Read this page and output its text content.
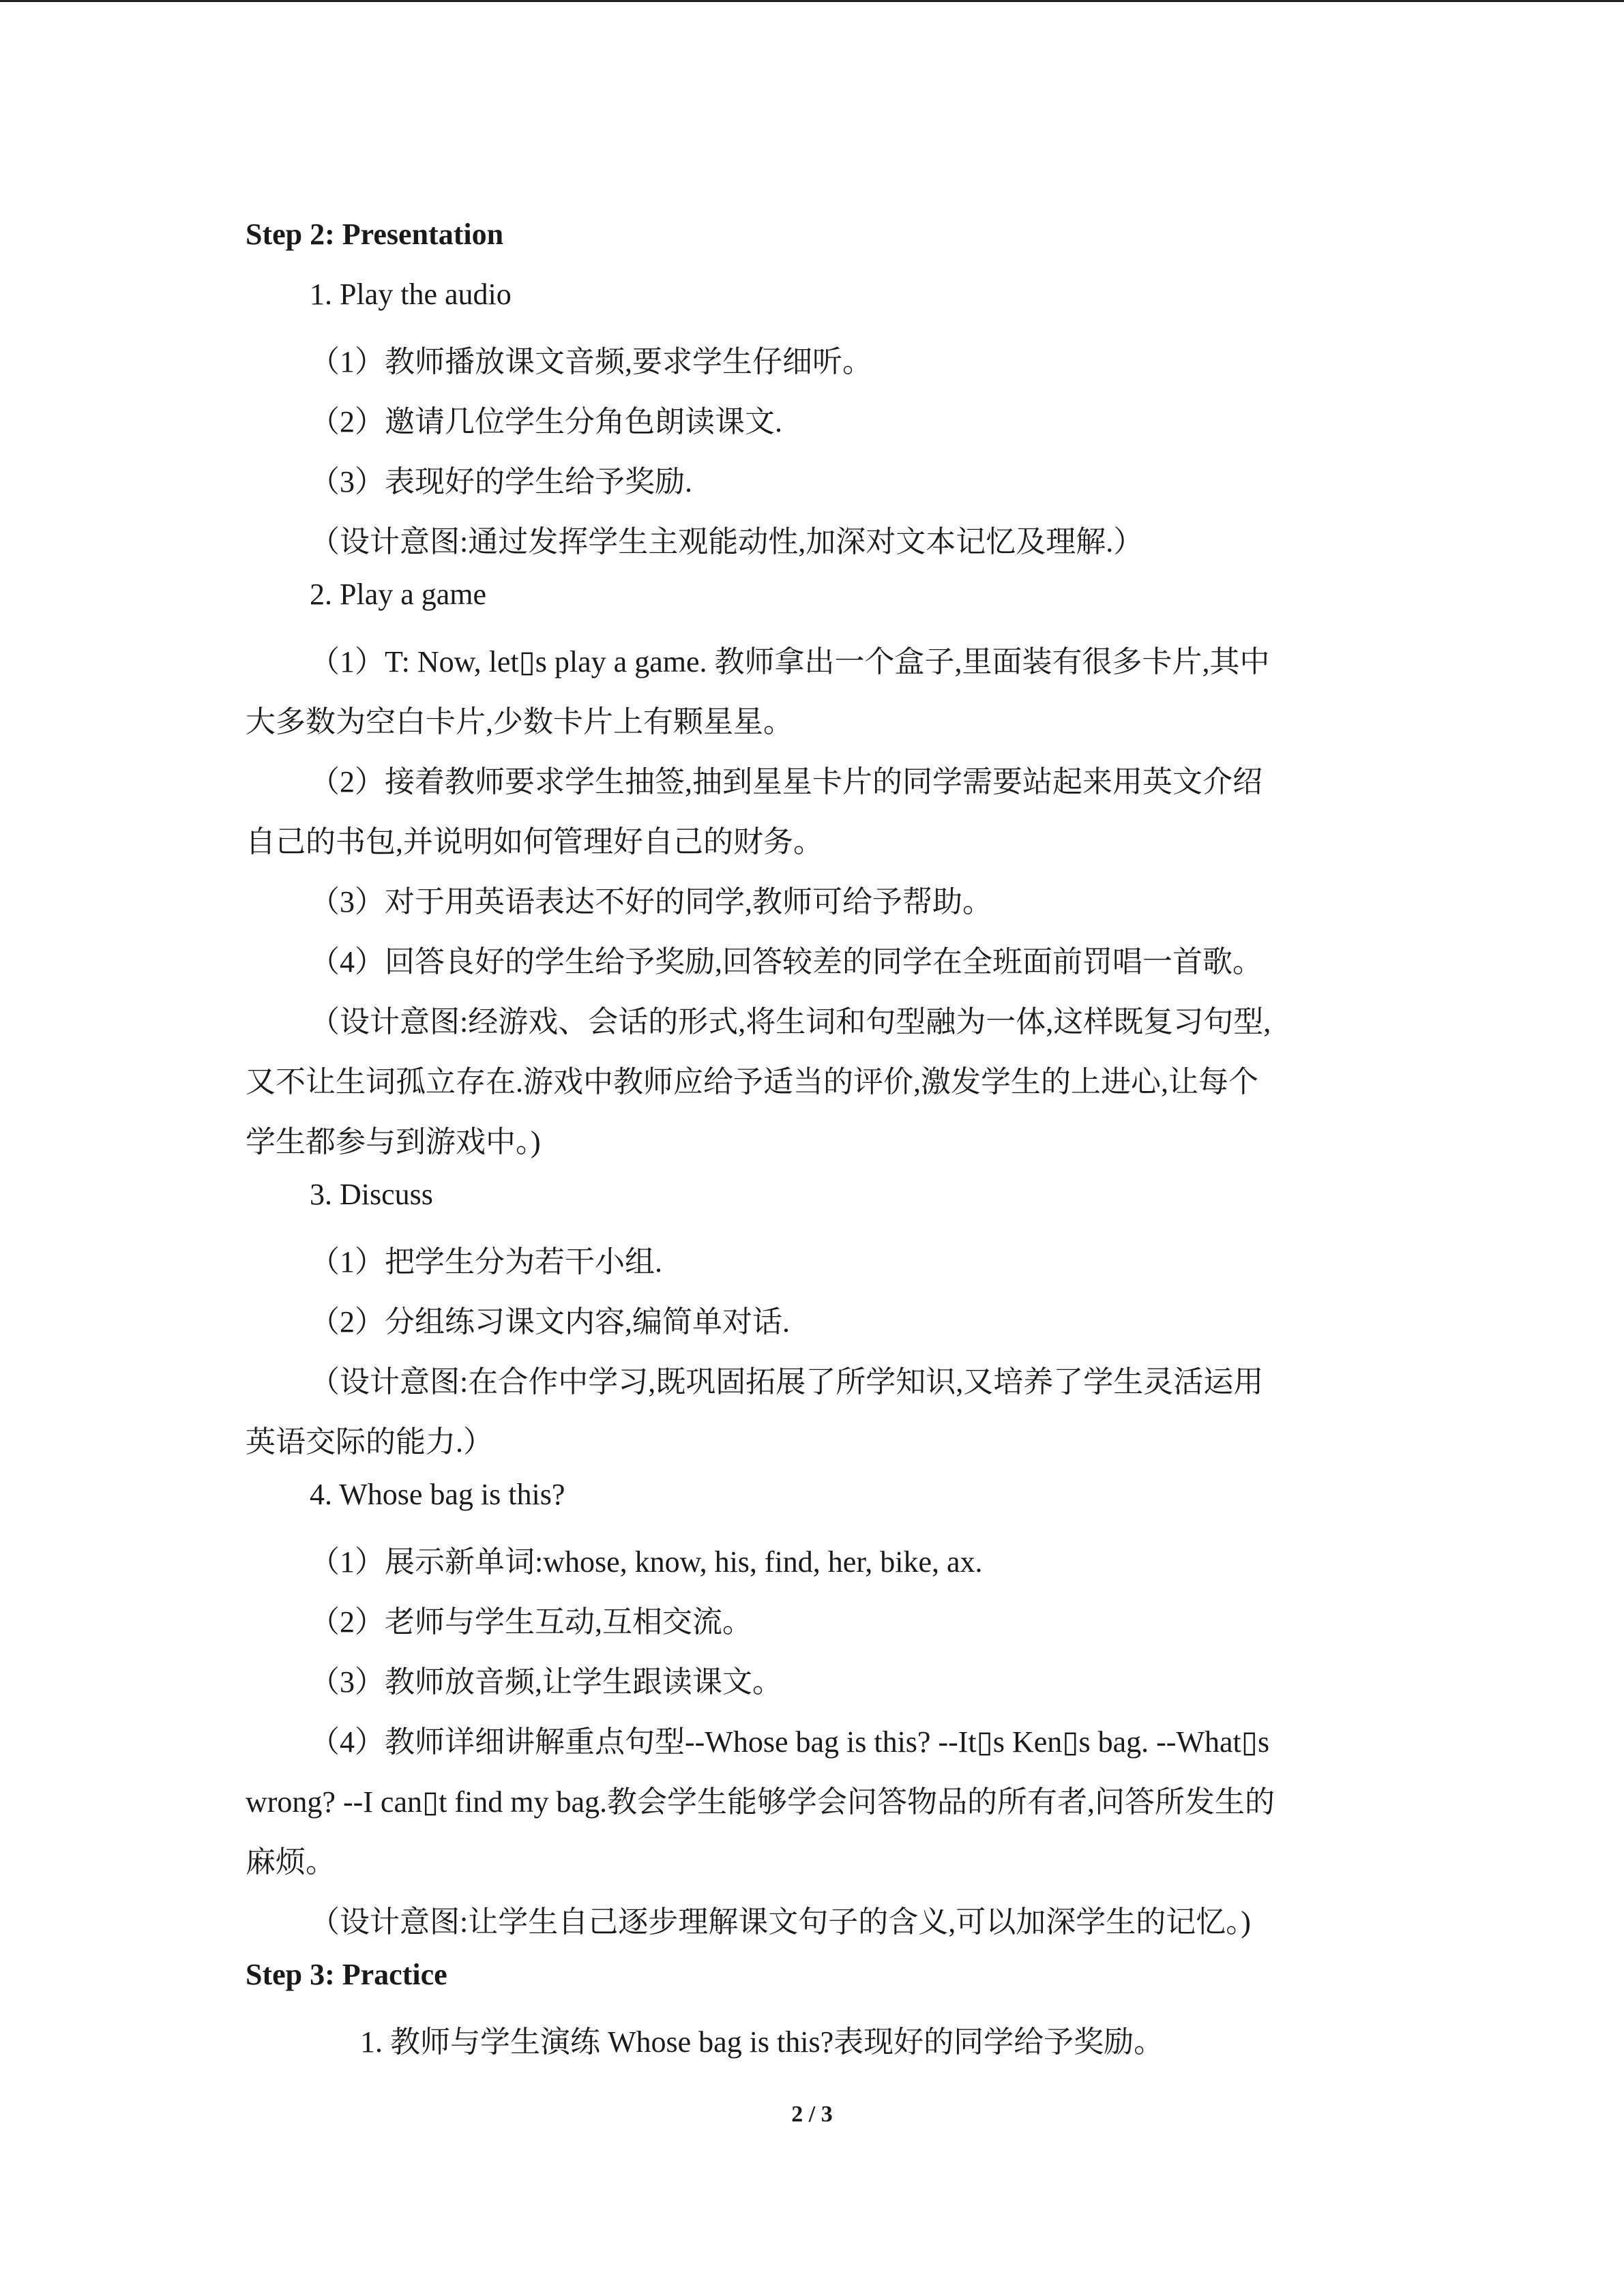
Step 2: Presentation
1. Play the audio
（1）教师播放课文音频,要求学生仔细听。
（2）邀请几位学生分角色朗读课文.
（3）表现好的学生给予奖励.
（设计意图:通过发挥学生主观能动性,加深对文本记忆及理解.）
2. Play a game
（1）T: Now, let▯s play a game. 教师拿出一个盒子,里面装有很多卡片,其中
大多数为空白卡片,少数卡片上有颗星星。
（2）接着教师要求学生抽签,抽到星星卡片的同学需要站起来用英文介绍
自己的书包,并说明如何管理好自己的财务。
（3）对于用英语表达不好的同学,教师可给予帮助。
（4）回答良好的学生给予奖励,回答较差的同学在全班面前罚唱一首歌。
（设计意图:经游戏、会话的形式,将生词和句型融为一体,这样既复习句型,
又不让生词孤立存在.游戏中教师应给予适当的评价,激发学生的上进心,让每个
学生都参与到游戏中。)
3. Discuss
（1）把学生分为若干小组.
（2）分组练习课文内容,编简单对话.
（设计意图:在合作中学习,既巩固拓展了所学知识,又培养了学生灵活运用
英语交际的能力.）
4. Whose bag is this?
（1）展示新单词:whose, know, his, find, her, bike, ax.
（2）老师与学生互动,互相交流。
（3）教师放音频,让学生跟读课文。
（4）教师详细讲解重点句型--Whose bag is this? --It▯s Ken▯s bag. --What▯s
wrong? --I can▯t find my bag.教会学生能够学会问答物品的所有者,问答所发生的
麻烦。
（设计意图:让学生自己逐步理解课文句子的含义,可以加深学生的记忆。)
Step 3: Practice
1. 教师与学生演练 Whose bag is this?表现好的同学给予奖励。
2 / 3
